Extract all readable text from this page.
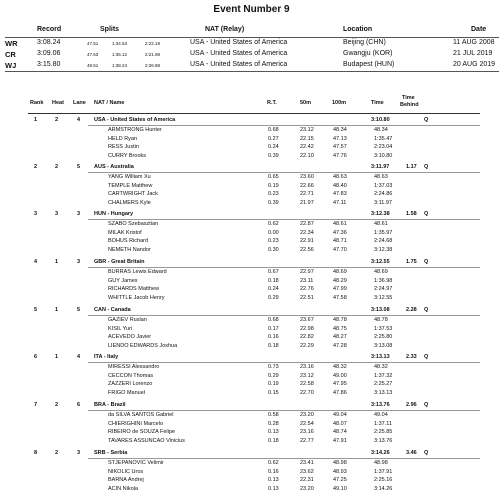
Event Number 9
Record	Splits	NAT (Relay)	Location	Date
WR	3:08.24	47.51	1:34.53	2:22.18	USA - United States of America	Beijing (CHN)	11 AUG 2008
CR	3:09.06	47.63	1:35.12	2:21.98	USA - United States of America	Gwangju (KOR)	21 JUL 2019
WJ	3:15.80	49.51	1:38.24	2:26.88	USA - United States of America	Budapest (HUN)	20 AUG 2019
Rank Heat Lane NAT / Name	R.T.	50m	100m	Time
Time
Behind
1	2	4	USA - United States of America	3:10.80	Q
ARMSTRONG Hunter	0.68	23.12	48.34	48.34
HELD Ryan	0.27	22.15	47.13	1:35.47
RESS Justin	0.24	22.42	47.57	2:23.04
CURRY Brooks	0.39	22.10	47.76	3:10.80
2	2	5	AUS - Australia	3:11.97	1.17 Q
YANG William Xu	0.65	23.60	48.63	48.63
TEMPLE Matthew	0.19	22.66	48.40	1:37.03
CARTWRIGHT Jack	0.23	22.71	47.83	2:24.86
CHALMERS Kyle	0.39	21.97	47.11	3:11.97
3	3	3	HUN - Hungary	3:12.38	1.58 Q
SZABO Szebasztian	0.62	22.87	48.61	48.61
MILAK Kristof	0.00	22.34	47.36	1:35.97
BOHUS Richard	0.23	22.91	48.71	2:24.68
NEMETH Nandor	0.30	22.56	47.70	3:12.38
4	1	3	GBR - Great Britain	3:12.55	1.75 Q
BURRAS Lewis Edward	0.67	22.97	48.69	48.69
GUY James	0.18	23.11	48.29	1:36.98
RICHARDS Matthew	0.24	22.76	47.99	2:24.97
WHITTLE Jacob Henry	0.29	22.51	47.58	3:12.55
5	1	5	CAN - Canada	3:13.08	2.28 Q
GAZIEV Ruslan	0.68	23.67	48.78	48.78
KISIL Yuri	0.17	22.98	48.75	1:37.53
ACEVEDO Javier	0.16	22.82	48.27	2:25.80
LIENDO EDWARDS Joshua	0.18	22.29	47.28	3:13.08
6	1	4	ITA - Italy	3:13.13	2.33 Q
MIRESSI Alessandro	0.73	23.16	48.32	48.32
CECCON Thomas	0.29	23.12	49.00	1:37.32
ZAZZERI Lorenzo	0.19	22.58	47.95	2:25.27
FRIGO Manuel	0.15	22.70	47.86	3:13.13
7	2	6	BRA - Brazil	3:13.76	2.96 Q
da SILVA SANTOS Gabriel	0.58	23.20	49.04	49.04
CHIERIGHINI Marcelo	0.28	22.54	48.07	1:37.11
RIBEIRO de SOUZA Felipe	0.13	23.16	48.74	2:25.85
TAVARES ASSUNCAO Vinicius	0.18	22.77	47.91	3:13.76
8	2	3	SRB - Serbia	3:14.26	3.46 Q
STJEPANOVIC Velimir	0.62	23.41	48.98	48.98
NIKOLIC Uros	0.16	23.62	48.93	1:37.91
BARNA Andrej	0.13	22.31	47.25	2:25.16
ACIN Nikola	0.13	23.20	49.10	3:14.26
